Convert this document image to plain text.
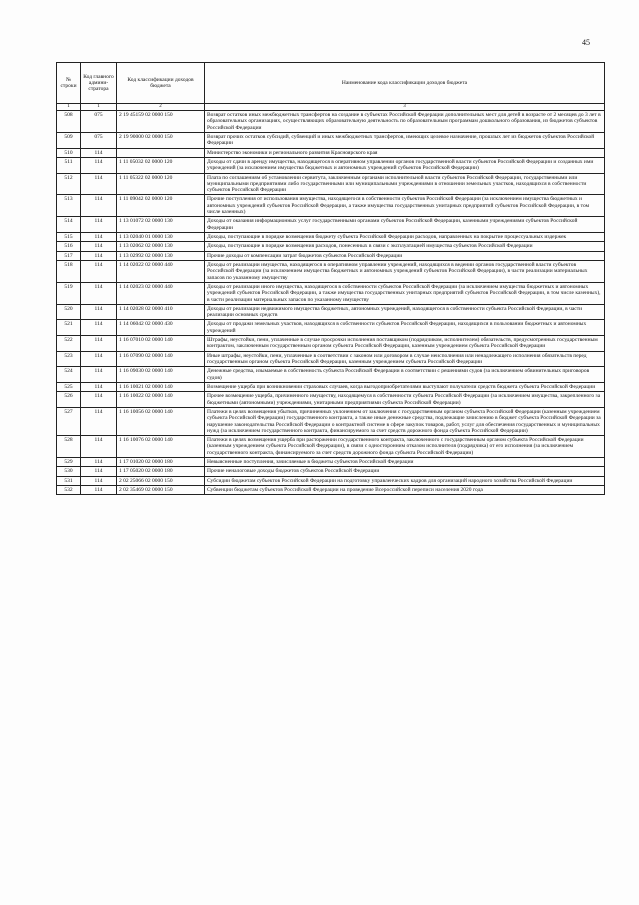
45
№ строки	Код главного админи-стратора	Код классификации доходов бюджета	Наименование кода классификации доходов бюджета
1	1	2	3
508	075	2 19 45159 02 0000 150	Возврат остатков иных межбюджетных трансфертов на создание в субъектах Российской Федерации дополнительных мест для детей в возрасте от 2 месяцев до 3 лет в образовательных организациях, осуществляющих образовательную деятельность по образовательным программам дошкольного образования, из бюджетов субъектов Российской Федерации
509	075	2 19 90000 02 0000 150	Возврат прочих остатков субсидий, субвенций и иных межбюджетных трансфертов, имеющих целевое назначение, прошлых лет из бюджетов субъектов Российской Федерации
510	114		Министерство экономики и регионального развития Красноярского края
511	114	1 11 05032 02 0000 120	Доходы от сдачи в аренду имущества, находящегося в оперативном управлении органов государственной власти субъектов Российской Федерации и созданных ими учреждений (за исключением имущества бюджетных и автономных учреждений субъектов Российской Федерации)
512	114	1 11 05322 02 0000 120	Плата по соглашениям об установлении сервитута, заключенным органами исполнительной власти субъектов Российской Федерации, государственными или муниципальными предприятиями либо государственными или муниципальными учреждениями в отношении земельных участков, находящихся в собственности субъектов Российской Федерации
513	114	1 11 09042 02 0000 120	Прочие поступления от использования имущества, находящегося в собственности субъектов Российской Федерации (за исключением имущества бюджетных и автономных учреждений субъектов Российской Федерации, а также имущества государственных унитарных предприятий субъектов Российской Федерации, в том числе казенных)
514	114	1 13 01072 02 0000 130	Доходы от оказания информационных услуг государственными органами субъектов Российской Федерации, казенными учреждениями субъектов Российской Федерации
515	114	1 13 02040 01 0000 130	Доходы, поступающие в порядке возмещения бюджету субъекта Российской Федерации расходов, направленных на покрытие процессуальных издержек
516	114	1 13 02062 02 0000 130	Доходы, поступающие в порядке возмещения расходов, понесенных в связи с эксплуатацией имущества субъектов Российской Федерации
517	114	1 13 02992 02 0000 130	Прочие доходы от компенсации затрат бюджетов субъектов Российской Федерации
518	114	1 14 02022 02 0000 440	Доходы от реализации имущества, находящегося в оперативном управлении учреждений, находящихся в ведении органов государственной власти субъектов Российской Федерации (за исключением имущества бюджетных и автономных учреждений субъектов Российской Федерации), в части реализации материальных запасов по указанному имуществу
519	114	1 14 02023 02 0000 440	Доходы от реализации иного имущества, находящегося в собственности субъектов Российской Федерации (за исключением имущества бюджетных и автономных учреждений субъектов Российской Федерации, а также имущества государственных унитарных предприятий субъектов Российской Федерации, в том числе казенных), в части реализации материальных запасов по указанному имуществу
520	114	1 14 02028 02 0000 410	Доходы от реализации недвижимого имущества бюджетных, автономных учреждений, находящегося в собственности субъекта Российской Федерации, в части реализации основных средств
521	114	1 14 06042 02 0000 430	Доходы от продажи земельных участков, находящихся в собственности субъектов Российской Федерации, находящихся в пользовании бюджетных и автономных учреждений
522	114	1 16 07010 02 0000 140	Штрафы, неустойки, пени, уплаченные в случае просрочки исполнения поставщиком (подрядчиком, исполнителем) обязательств, предусмотренных государственным контрактом, заключенным государственным органом субъекта Российской Федерации, казенным учреждением субъекта Российской Федерации
523	114	1 16 07090 02 0000 140	Иные штрафы, неустойки, пени, уплаченные в соответствии с законом или договором в случае неисполнения или ненадлежащего исполнения обязательств перед государственным органом субъекта Российской Федерации, казенным учреждением субъекта Российской Федерации
524	114	1 16 09030 02 0000 140	Денежные средства, изымаемые в собственность субъекта Российской Федерации в соответствии с решениями судов (за исключением обвинительных приговоров судов)
525	114	1 16 10021 02 0000 140	Возмещение ущерба при возникновении страховых случаев, когда выгодоприобретателями выступают получатели средств бюджета субъекта Российской Федерации
526	114	1 16 10022 02 0000 140	Прочее возмещение ущерба, причиненного имуществу, находящемуся в собственности субъекта Российской Федерации (за исключением имущества, закрепленного за бюджетными (автономными) учреждениями, унитарными предприятиями субъекта Российской Федерации)
527	114	1 16 10056 02 0000 140	Платежи в целях возмещения убытков, причиненных уклонением от заключения с государственным органом субъекта Российской Федерации (казенным учреждением субъекта Российской Федерации) государственного контракта, а также иные денежные средства, подлежащие зачислению в бюджет субъекта Российской Федерации за нарушение законодательства Российской Федерации о контрактной системе в сфере закупок товаров, работ, услуг для обеспечения государственных и муниципальных нужд (за исключением государственного контракта, финансируемого за счет средств дорожного фонда субъекта Российской Федерации)
528	114	1 16 10076 02 0000 140	Платежи в целях возмещения ущерба при расторжении государственного контракта, заключенного с государственным органом субъекта Российской Федерации (казенным учреждением субъекта Российской Федерации), в связи с односторонним отказом исполнителя (подрядчика) от его исполнения (за исключением государственного контракта, финансируемого за счет средств дорожного фонда субъекта Российской Федерации)
529	114	1 17 01020 02 0000 180	Невыясненные поступления, зачисляемые в бюджеты субъектов Российской Федерации
530	114	1 17 05020 02 0000 180	Прочие неналоговые доходы бюджетов субъектов Российской Федерации
531	114	2 02 25066 02 0000 150	Субсидии бюджетам субъектов Российской Федерации на подготовку управленческих кадров для организаций народного хозяйства Российской Федерации
532	114	2 02 35469 02 0000 150	Субвенции бюджетам субъектов Российской Федерации на проведение Всероссийской переписи населения 2020 года
